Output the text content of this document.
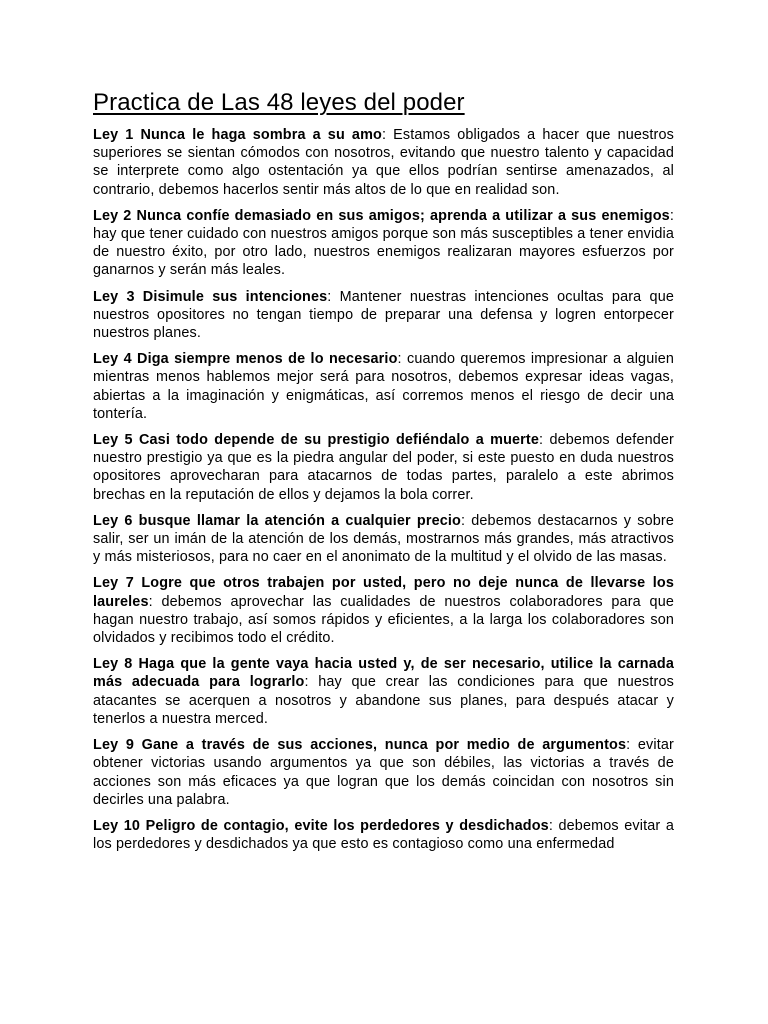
Practica de Las 48 leyes del poder

Ley 1 Nunca le haga sombra a su amo: Estamos obligados a hacer que nuestros superiores se sientan cómodos con nosotros, evitando que nuestro talento y capacidad se interprete como algo ostentación ya que ellos podrían sentirse amenazados, al contrario, debemos hacerlos sentir más altos de lo que en realidad son.

Ley 2 Nunca confíe demasiado en sus amigos; aprenda a utilizar a sus enemigos: hay que tener cuidado con nuestros amigos porque son más susceptibles a tener envidia de nuestro éxito, por otro lado, nuestros enemigos realizaran mayores esfuerzos por ganarnos y serán más leales.

Ley 3 Disimule sus intenciones: Mantener nuestras intenciones ocultas para que nuestros opositores no tengan tiempo de preparar una defensa y logren entorpecer nuestros planes.

Ley 4 Diga siempre menos de lo necesario: cuando queremos impresionar a alguien mientras menos hablemos mejor será para nosotros, debemos expresar ideas vagas, abiertas a la imaginación y enigmáticas, así corremos menos el riesgo de decir una tontería.

Ley 5 Casi todo depende de su prestigio defiéndalo a muerte: debemos defender nuestro prestigio ya que es la piedra angular del poder, si este puesto en duda nuestros opositores aprovecharan para atacarnos de todas partes, paralelo a este abrimos brechas en la reputación de ellos y dejamos la bola correr.

Ley 6 busque llamar la atención a cualquier precio: debemos destacarnos y sobre salir, ser un imán de la atención de los demás, mostrarnos más grandes, más atractivos y más misteriosos, para no caer en el anonimato de la multitud y el olvido de las masas.

Ley 7 Logre que otros trabajen por usted, pero no deje nunca de llevarse los laureles: debemos aprovechar las cualidades de nuestros colaboradores para que hagan nuestro trabajo, así somos rápidos y eficientes, a la larga los colaboradores son olvidados y recibimos todo el crédito.

Ley 8 Haga que la gente vaya hacia usted y, de ser necesario, utilice la carnada más adecuada para lograrlo: hay que crear las condiciones para que nuestros atacantes se acerquen a nosotros y abandone sus planes, para después atacar y tenerlos a nuestra merced.

Ley 9 Gane a través de sus acciones, nunca por medio de argumentos: evitar obtener victorias usando argumentos ya que son débiles, las victorias a través de acciones son más eficaces ya que logran que los demás coincidan con nosotros sin decirles una palabra.

Ley 10 Peligro de contagio, evite los perdedores y desdichados: debemos evitar a los perdedores y desdichados ya que esto es contagioso como una enfermedad
